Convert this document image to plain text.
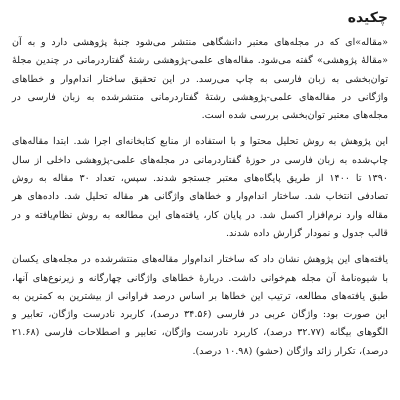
چکیده

«مقاله»ای که در مجله‌های معتبر دانشگاهی منتشر می‌شود جنبهٔ پژوهشی دارد و به آن «مقالهٔ پژوهشی» گفته می‌شود. مقاله‌های علمی-پژوهشی رشتهٔ گفتاردرمانی در چندین مجلهٔ توان‌بخشی به زبان فارسی به چاپ می‌رسد. در این تحقیق ساختار اندام‌وار و خطاهای واژگانی در مقاله‌های علمی-پژوهشی رشتهٔ گفتاردرمانی منتشرشده به زبان فارسی در مجله‌های معتبر توان‌بخشی بررسی شده است.

این پژوهش به روش تحلیل محتوا و با استفاده از منابع کتابخانه‌ای اجرا شد. ابتدا مقاله‌های چاپ‌شده به زبان فارسی در حوزهٔ گفتاردرمانی در مجله‌های علمی-پژوهشی داخلی از سال ۱۳۹۰ تا ۱۴۰۰ از طریق پایگاه‌های معتبر جستجو شدند. سپس، تعداد ۳۰ مقاله به روش تصادفی انتخاب شد. ساختار اندام‌وار و خطاهای واژگانی هر مقاله تحلیل شد. داده‌های هر مقاله وارد نرم‌افزار اکسل شد. در پایان کار، یافته‌های این مطالعه به روش نظام‌یافته و در قالب جدول و نمودار گزارش داده شدند.

یافته‌های این پژوهش نشان داد که ساختار اندام‌وار مقاله‌های منتشرشده در مجله‌های یکسان با شیوه‌نامهٔ آن مجله هم‌خوانی داشت. دربارهٔ خطاهای واژگانی چهارگانه و زیرنوع‌های آنها، طبق یافته‌های مطالعه، ترتیب این خطاها بر اساس درصد فراوانی از بیشترین به کمترین به این صورت بود: واژگان عربی در فارسی (۳۴.۵۶ درصد)، کاربرد نادرست واژگان، تعابیر و الگوهای بیگانه (۳۲.۷۷ درصد)، کاربرد نادرست واژگان، تعابیر و اصطلاحات فارسی (۲۱.۶۸ درصد)، تکرار زائد واژگان (حشو) (۱۰.۹۸ درصد).
